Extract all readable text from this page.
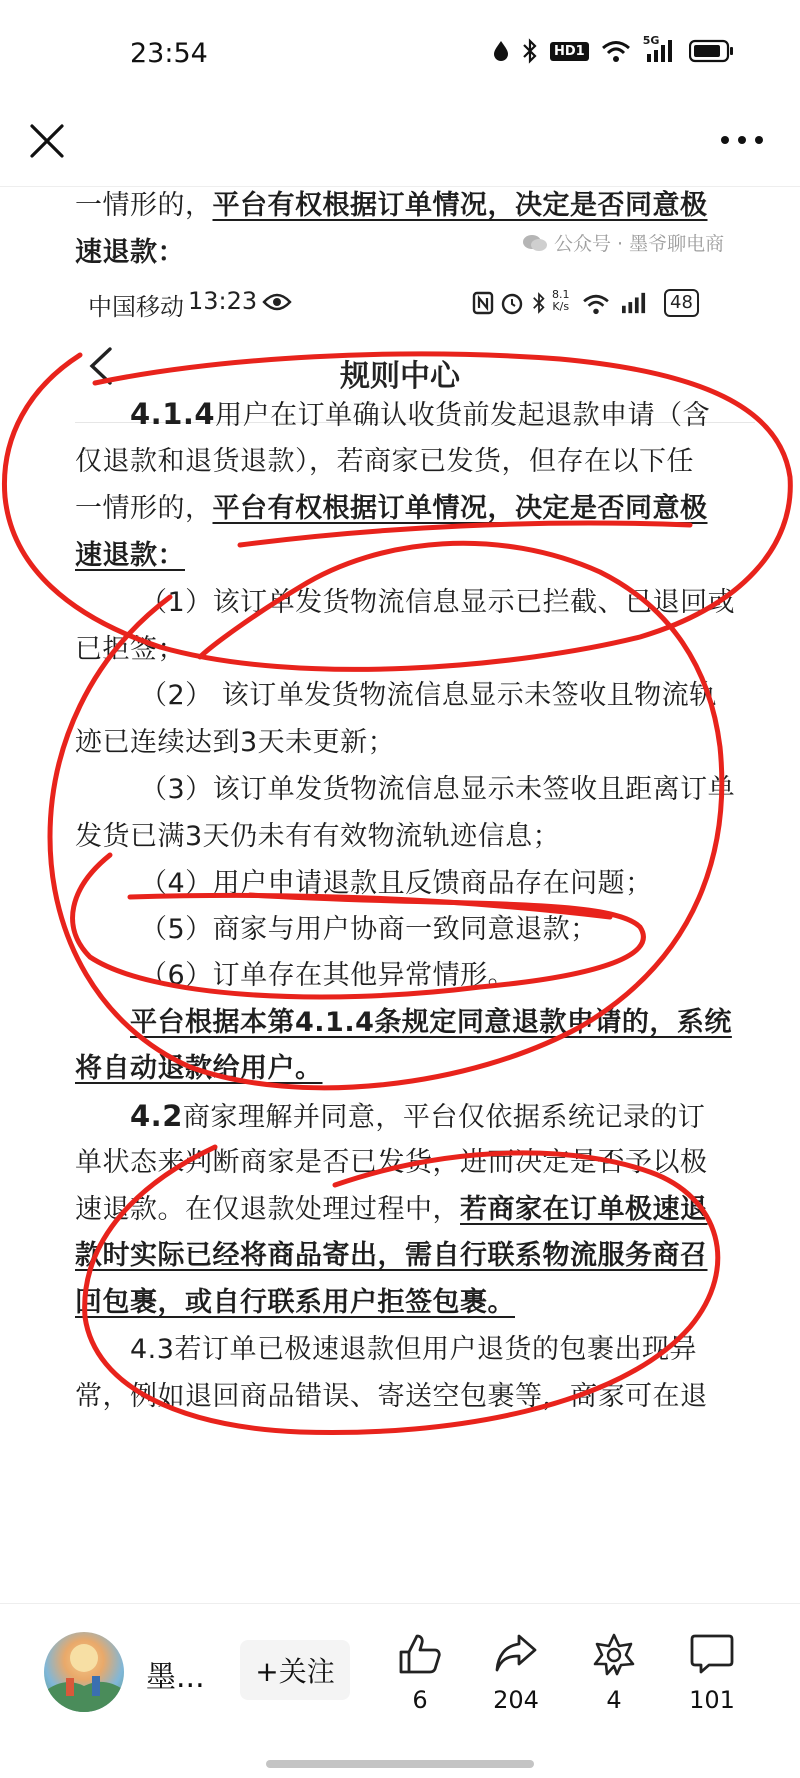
23:54	HD1
5G
一情形的，平台有权根据订单情况，决定是否同意极
公众号 · 墨爷聊电商
速退款：
中国移动 13:23	8.1
K/s	48
规则中心
4.1.4用户在订单确认收货前发起退款申请（含
仅退款和退货退款），若商家已发货，但存在以下任
一情形的，平台有权根据订单情况，决定是否同意极
速退款：
（1）该订单发货物流信息显示已拦截、已退回或
已拒签；
（2） 该订单发货物流信息显示未签收且物流轨
迹已连续达到3天未更新；
（3）该订单发货物流信息显示未签收且距离订单
发货已满3天仍未有有效物流轨迹信息；
（4）用户申请退款且反馈商品存在问题；
（5）商家与用户协商一致同意退款；
（6）订单存在其他异常情形。
平台根据本第4.1.4条规定同意退款申请的，系统
将自动退款给用户。
4.2商家理解并同意，平台仅依据系统记录的订
单状态来判断商家是否已发货，进而决定是否予以极
速退款。在仅退款处理过程中，若商家在订单极速退
款时实际已经将商品寄出，需自行联系物流服务商召
回包裹，或自行联系用户拒签包裹。
4.3若订单已极速退款但用户退货的包裹出现异
常，例如退回商品错误、寄送空包裹等，商家可在退
墨...	+关注
6	204	4	101
